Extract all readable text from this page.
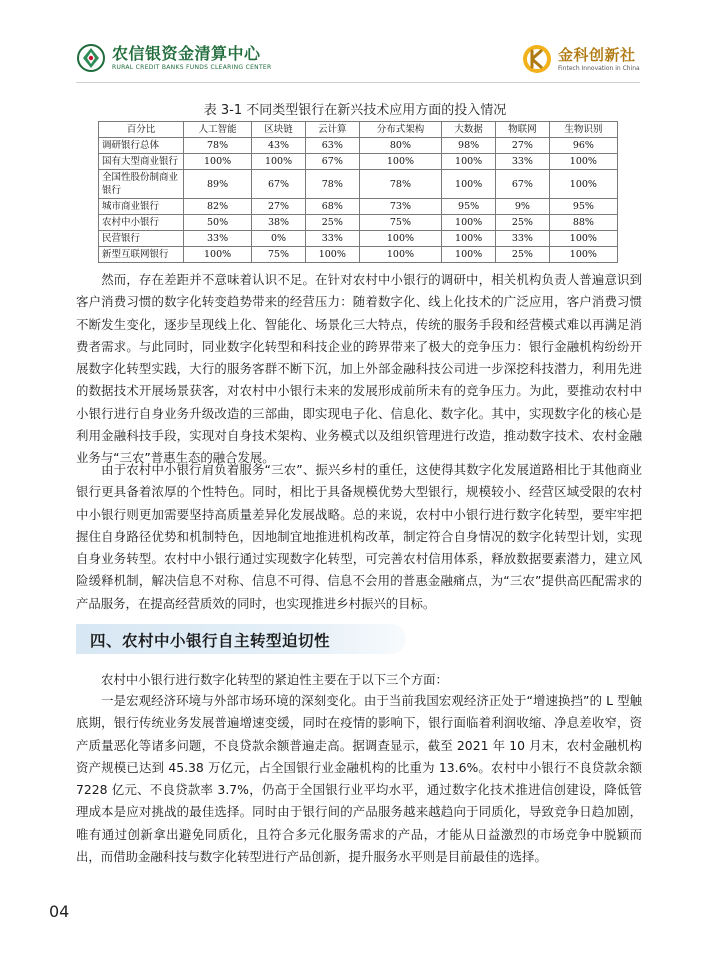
农信银资金清算中心
RURAL CREDIT BANKS FUNDS CLEARING CENTER
金科创新社
Fintech Innovation in China
表 3-1 不同类型银行在新兴技术应用方面的投入情况
百分比	人工智能	区块链	云计算	分布式架构	大数据	物联网	生物识别
调研银行总体	78%	43%	63%	80%	98%	27%	96%
国有大型商业银行	100%	100%	67%	100%	100%	33%	100%
全国性股份制商业银行	89%	67%	78%	78%	100%	67%	100%
城市商业银行	82%	27%	68%	73%	95%	9%	95%
农村中小银行	50%	38%	25%	75%	100%	25%	88%
民营银行	33%	0%	33%	100%	100%	33%	100%
新型互联网银行	100%	75%	100%	100%	100%	25%	100%

然而，存在差距并不意味着认识不足。在针对农村中小银行的调研中，相关机构负责人普遍意识到客户消费习惯的数字化转变趋势带来的经营压力：随着数字化、线上化技术的广泛应用，客户消费习惯不断发生变化，逐步呈现线上化、智能化、场景化三大特点，传统的服务手段和经营模式难以再满足消费者需求。与此同时，同业数字化转型和科技企业的跨界带来了极大的竞争压力：银行金融机构纷纷开展数字化转型实践，大行的服务客群不断下沉，加上外部金融科技公司进一步深挖科技潜力，利用先进的数据技术开展场景获客，对农村中小银行未来的发展形成前所未有的竞争压力。为此，要推动农村中小银行进行自身业务升级改造的三部曲，即实现电子化、信息化、数字化。其中，实现数字化的核心是利用金融科技手段，实现对自身技术架构、业务模式以及组织管理进行改造，推动数字技术、农村金融业务与“三农”普惠生态的融合发展。

由于农村中小银行肩负着服务“三农”、振兴乡村的重任，这使得其数字化发展道路相比于其他商业银行更具备着浓厚的个性特色。同时，相比于具备规模优势大型银行，规模较小、经营区域受限的农村中小银行则更加需要坚持高质量差异化发展战略。总的来说，农村中小银行进行数字化转型，要牢牢把握住自身路径优势和机制特色，因地制宜地推进机构改革，制定符合自身情况的数字化转型计划，实现自身业务转型。农村中小银行通过实现数字化转型，可完善农村信用体系，释放数据要素潜力，建立风险缓释机制，解决信息不对称、信息不可得、信息不会用的普惠金融痛点，为“三农”提供高匹配需求的产品服务，在提高经营质效的同时，也实现推进乡村振兴的目标。

四、农村中小银行自主转型迫切性

农村中小银行进行数字化转型的紧迫性主要在于以下三个方面：

一是宏观经济环境与外部市场环境的深刻变化。由于当前我国宏观经济正处于“增速换挡”的 L 型触底期，银行传统业务发展普遍增速变缓，同时在疫情的影响下，银行面临着利润收缩、净息差收窄，资产质量恶化等诸多问题，不良贷款余额普遍走高。据调查显示，截至 2021 年 10 月末，农村金融机构资产规模已达到 45.38 万亿元，占全国银行业金融机构的比重为 13.6%。农村中小银行不良贷款余额 7228 亿元、不良贷款率 3.7%，仍高于全国银行业平均水平，通过数字化技术推进信创建设，降低管理成本是应对挑战的最佳选择。同时由于银行间的产品服务越来越趋向于同质化，导致竞争日趋加剧，唯有通过创新拿出避免同质化，且符合多元化服务需求的产品，才能从日益激烈的市场竞争中脱颖而出，而借助金融科技与数字化转型进行产品创新，提升服务水平则是目前最佳的选择。

04
